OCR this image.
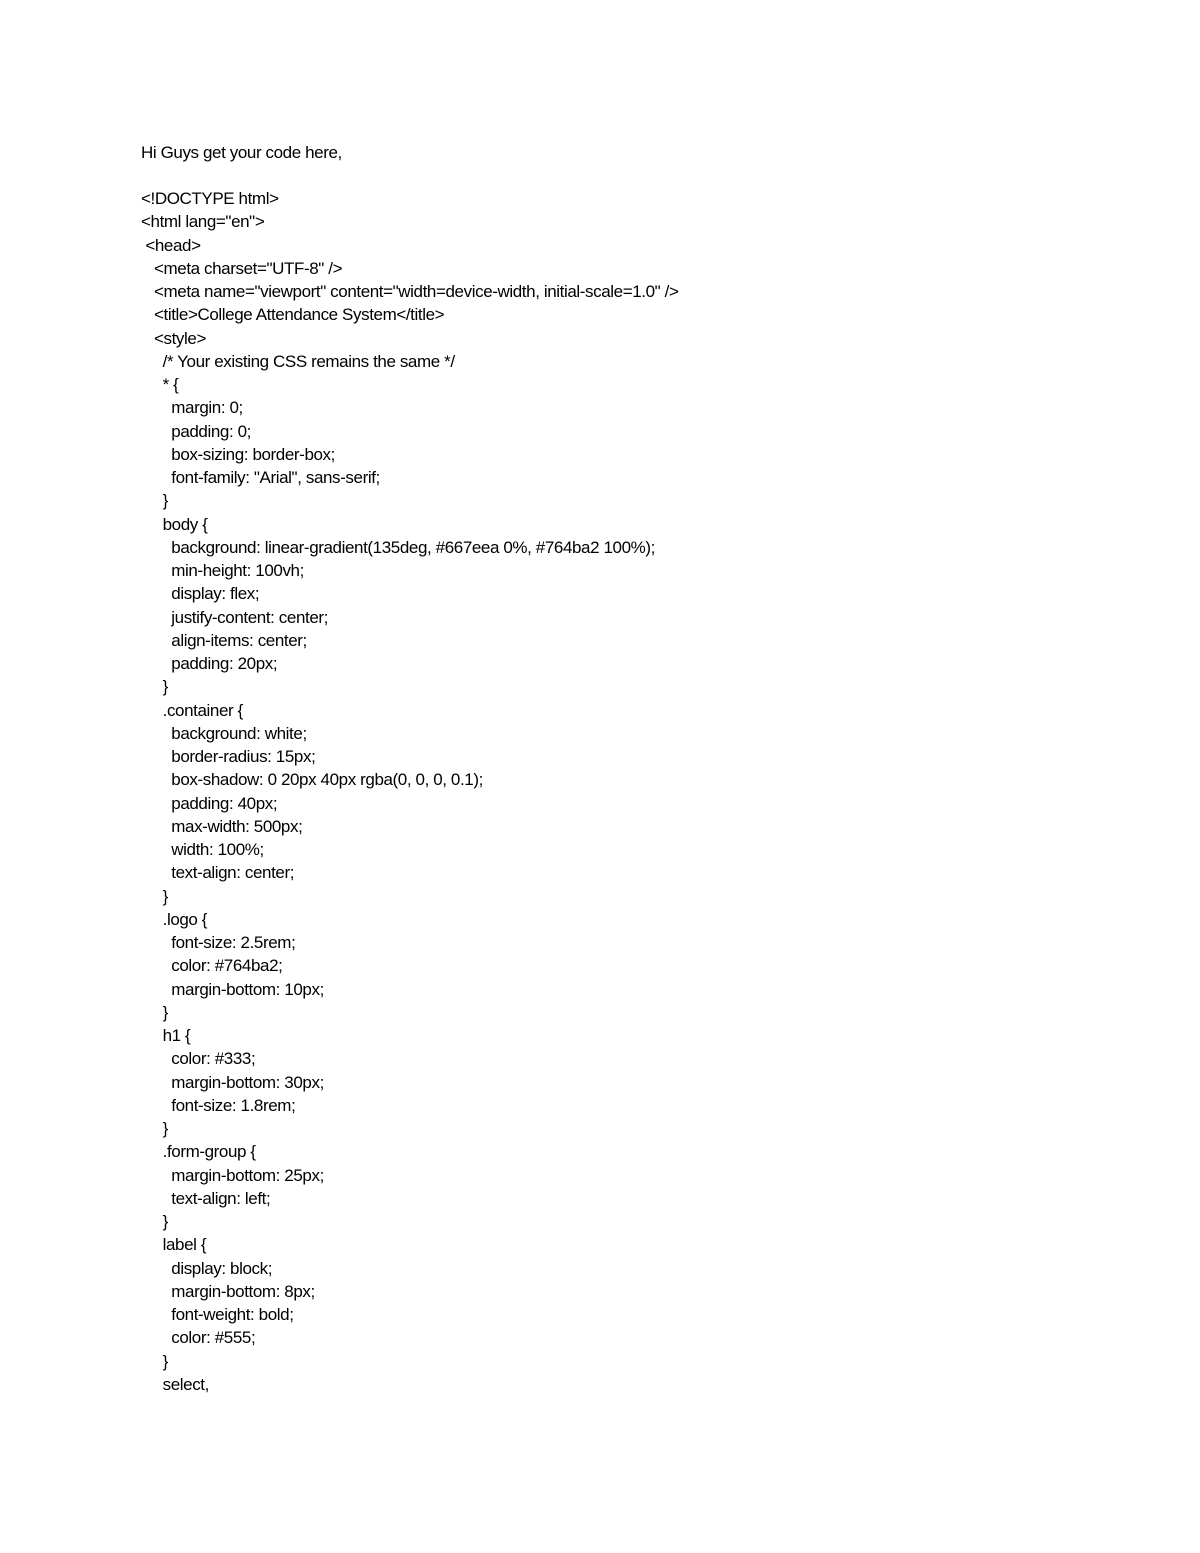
Hi Guys get your code here,
<!DOCTYPE html>
<html lang="en">
<head>
<meta charset="UTF-8" />
<meta name="viewport" content="width=device-width, initial-scale=1.0" />
<title>College Attendance System</title>
<style>
/* Your existing CSS remains the same */
* {
margin: 0;
padding: 0;
box-sizing: border-box;
font-family: "Arial", sans-serif;
}
body {
background: linear-gradient(135deg, #667eea 0%, #764ba2 100%);
min-height: 100vh;
display: flex;
justify-content: center;
align-items: center;
padding: 20px;
}
.container {
background: white;
border-radius: 15px;
box-shadow: 0 20px 40px rgba(0, 0, 0, 0.1);
padding: 40px;
max-width: 500px;
width: 100%;
text-align: center;
}
.logo {
font-size: 2.5rem;
color: #764ba2;
margin-bottom: 10px;
}
h1 {
color: #333;
margin-bottom: 30px;
font-size: 1.8rem;
}
.form-group {
margin-bottom: 25px;
text-align: left;
}
label {
display: block;
margin-bottom: 8px;
font-weight: bold;
color: #555;
}
select,
